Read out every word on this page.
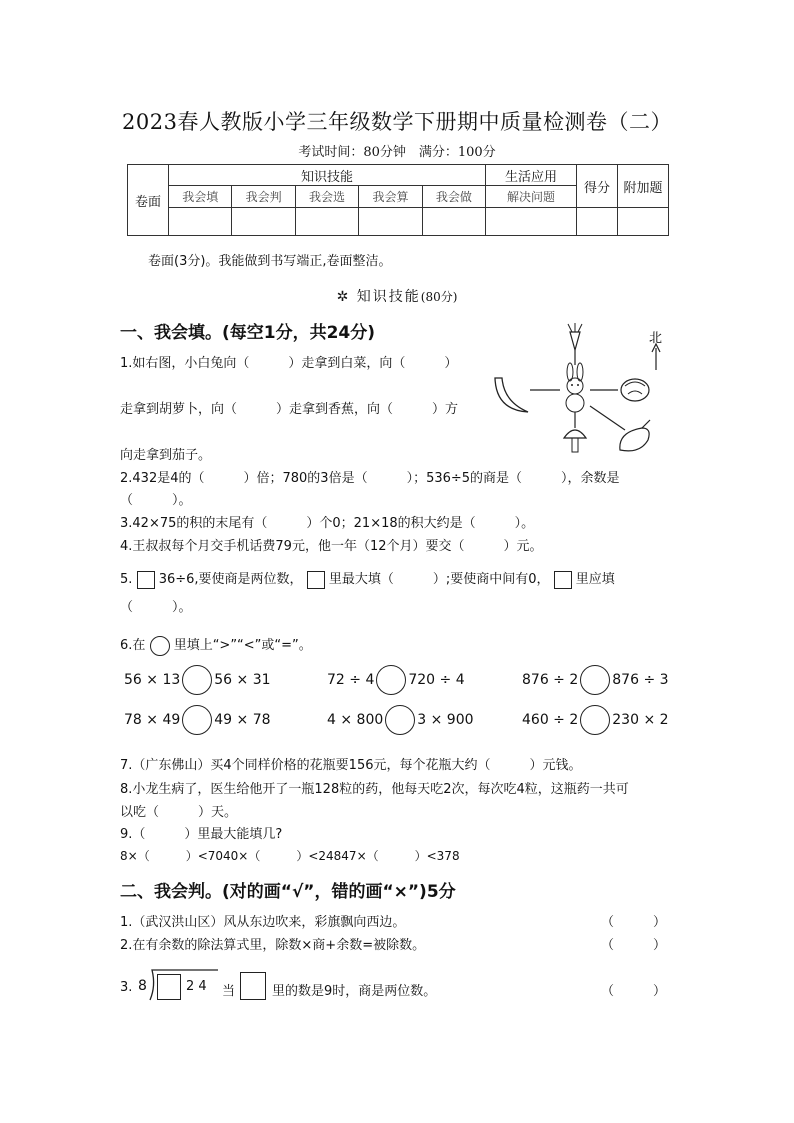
2023春人教版小学三年级数学下册期中质量检测卷（二）
考试时间：80分钟　满分：100分
卷面	知识技能					生活应用	得分	附加题
	我会填	我会判	我会选	我会算	我会做	解决问题		

卷面(3分)。我能做到书写端正,卷面整洁。
✲ 知识技能(80分)
一、我会填。(每空1分，共24分)
1.如右图，小白兔向（　　　）走拿到白菜，向（　　　）
走拿到胡萝卜，向（　　　）走拿到香蕉，向（　　　）方
向走拿到茄子。
北
2.432是4的（　　　）倍；780的3倍是（　　　）；536÷5的商是（　　　），余数是
（　　　）。
3.42×75的积的末尾有（　　　）个0；21×18的积大约是（　　　）。
4.王叔叔每个月交手机话费79元，他一年（12个月）要交（　　　）元。
5. 36÷6,要使商是两位数， 里最大填（　　　）;要使商中间有0， 里应填
（　　　）。
6.在 里填上“>”“<”或“=”。
56 × 13 56 × 31	72 ÷ 4 720 ÷ 4	876 ÷ 2 876 ÷ 3
78 × 49 49 × 78	4 × 800 3 × 900	460 ÷ 2 230 × 2
7.（广东佛山）买4个同样价格的花瓶要156元，每个花瓶大约（　　　）元钱。
8.小龙生病了，医生给他开了一瓶128粒的药，他每天吃2次，每次吃4粒，这瓶药一共可
以吃（　　　）天。
9.（　　　）里最大能填几?
8×（　　　）<7040×（　　　）<24847×（　　　）<378
二、我会判。(对的画“√”，错的画“×”)5分
1.（武汉洪山区）风从东边吹来，彩旗飘向西边。	（　　　）
2.在有余数的除法算式里，除数×商+余数=被除数。	（　　　）
3. 8	2 4 当	里的数是9时，商是两位数。	（　　　）
